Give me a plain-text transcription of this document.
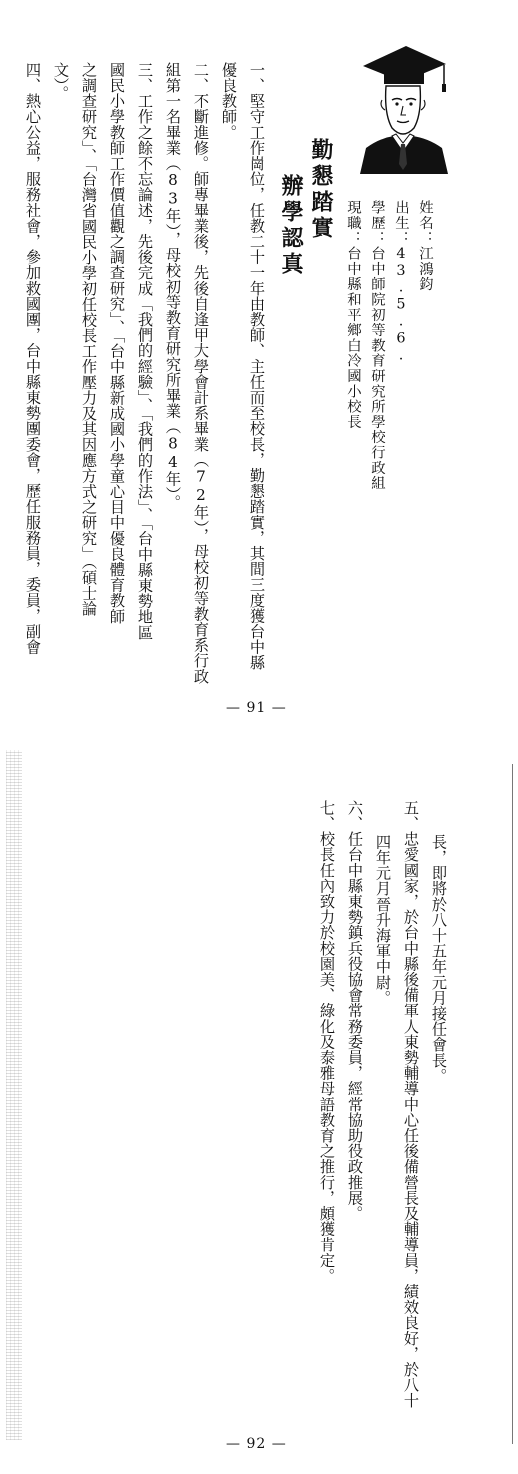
勤懇踏實
辦學認真	姓名：江鴻鈞
出生：43.5.6.
學歷：台中師院初等教育研究所學校行政組
現職：台中縣和平鄉白冷國小校長
一、堅守工作崗位，任教二十一年由教師、主任而至校長，勤懇踏實，其間三度獲台中縣
優良教師。
二、不斷進修。師專畢業後，先後自逢甲大學會計系畢業（72年），母校初等教育系行政
組第一名畢業（83年），母校初等教育研究所畢業（84年）。
三、工作之餘不忘論述，先後完成「我們的經驗」、「我們的作法」、「台中縣東勢地區
國民小學教師工作價值觀之調查研究」、「台中縣新成國小學童心目中優良體育教師
之調查研究」、「台灣省國民小學初任校長工作壓力及其因應方式之研究」（碩士論
文）。
四、熱心公益，服務社會，參加救國團，台中縣東勢團委會，歷任服務員，委員，副會
— 91 —
長，即將於八十五年元月接任會長。
五、忠愛國家，於台中縣後備軍人東勢輔導中心任後備營長及輔導員，績效良好，於八十
四年元月晉升海軍中尉。
六、任台中縣東勢鎮兵役協會常務委員，經常協助役政推展。
七、校長任內致力於校園美、綠化及泰雅母語教育之推行，頗獲肯定。
— 92 —
